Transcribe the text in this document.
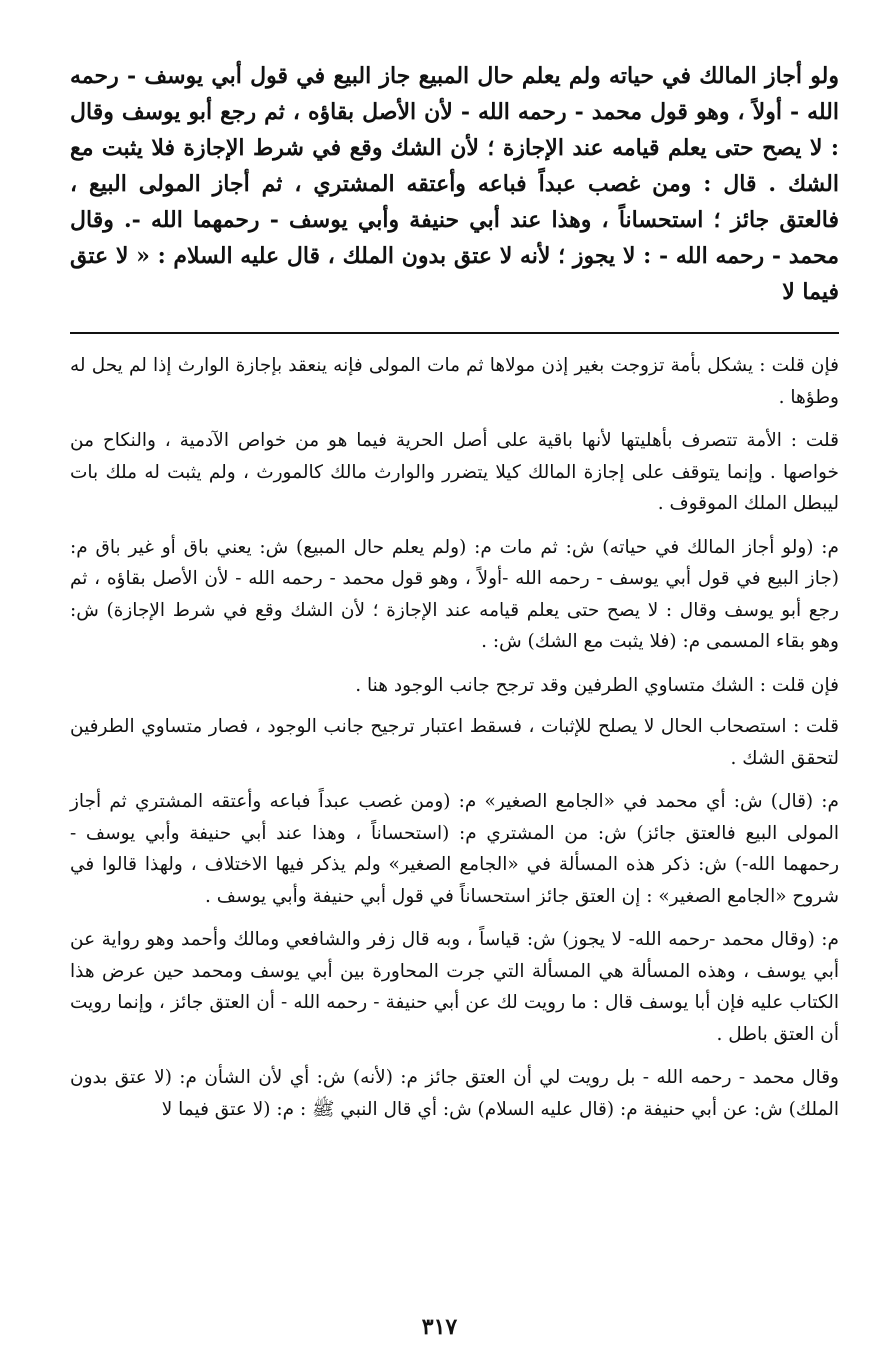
ولو أجاز المالك في حياته ولم يعلم حال المبيع جاز البيع في قول أبي يوسف - رحمه الله - أولاً ، وهو قول محمد - رحمه الله - لأن الأصل بقاؤه ، ثم رجع أبو يوسف وقال : لا يصح حتى يعلم قيامه عند الإجازة ؛ لأن الشك وقع في شرط الإجازة فلا يثبت مع الشك . قال : ومن غصب عبداً فباعه وأعتقه المشتري ، ثم أجاز المولى البيع ، فالعتق جائز ؛ استحساناً ، وهذا عند أبي حنيفة وأبي يوسف - رحمهما الله -. وقال محمد - رحمه الله - : لا يجوز ؛ لأنه لا عتق بدون الملك ، قال عليه السلام : « لا عتق فيما لا

فإن قلت : يشكل بأمة تزوجت بغير إذن مولاها ثم مات المولى فإنه ينعقد بإجازة الوارث إذا لم يحل له وطؤها .

قلت : الأمة تتصرف بأهليتها لأنها باقية على أصل الحرية فيما هو من خواص الآدمية ، والنكاح من خواصها . وإنما يتوقف على إجازة المالك كيلا يتضرر والوارث مالك كالمورث ، ولم يثبت له ملك بات ليبطل الملك الموقوف .

م: (ولو أجاز المالك في حياته) ش: ثم مات م: (ولم يعلم حال المبيع) ش: يعني باق أو غير باق م: (جاز البيع في قول أبي يوسف - رحمه الله -أولاً ، وهو قول محمد - رحمه الله - لأن الأصل بقاؤه ، ثم رجع أبو يوسف وقال : لا يصح حتى يعلم قيامه عند الإجازة ؛ لأن الشك وقع في شرط الإجازة) ش: وهو بقاء المسمى م: (فلا يثبت مع الشك) ش: .

فإن قلت : الشك متساوي الطرفين وقد ترجح جانب الوجود هنا .

قلت : استصحاب الحال لا يصلح للإثبات ، فسقط اعتبار ترجيح جانب الوجود ، فصار متساوي الطرفين لتحقق الشك .

م: (قال) ش: أي محمد في «الجامع الصغير» م: (ومن غصب عبداً فباعه وأعتقه المشتري ثم أجاز المولى البيع فالعتق جائز) ش: من المشتري م: (استحساناً ، وهذا عند أبي حنيفة وأبي يوسف - رحمهما الله-) ش: ذكر هذه المسألة في «الجامع الصغير» ولم يذكر فيها الاختلاف ، ولهذا قالوا في شروح «الجامع الصغير» : إن العتق جائز استحساناً في قول أبي حنيفة وأبي يوسف .

م: (وقال محمد -رحمه الله- لا يجوز) ش: قياساً ، وبه قال زفر والشافعي ومالك وأحمد وهو رواية عن أبي يوسف ، وهذه المسألة هي المسألة التي جرت المحاورة بين أبي يوسف ومحمد حين عرض هذا الكتاب عليه فإن أبا يوسف قال : ما رويت لك عن أبي حنيفة - رحمه الله - أن العتق جائز ، وإنما رويت أن العتق باطل .

وقال محمد - رحمه الله - بل رويت لي أن العتق جائز م: (لأنه) ش: أي لأن الشأن م: (لا عتق بدون الملك) ش: عن أبي حنيفة م: (قال عليه السلام) ش: أي قال النبي ﷺ : م: (لا عتق فيما لا

٣١٧
